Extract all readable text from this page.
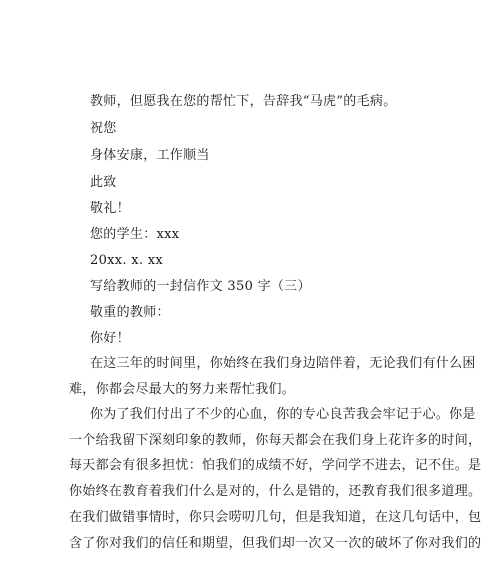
教师，但愿我在您的帮忙下，告辞我“马虎”的毛病。
祝您
身体安康，工作顺当
此致
敬礼！
您的学生：xxx
20xx. x. xx
写给教师的一封信作文 350 字（三）
敬重的教师：
你好！
在这三年的时间里，你始终在我们身边陪伴着，无论我们有什么困
难，你都会尽最大的努力来帮忙我们。
你为了我们付出了不少的心血，你的专心良苦我会牢记于心。你是
一个给我留下深刻印象的教师，你每天都会在我们身上花许多的时间，
每天都会有很多担忧：怕我们的成绩不好，学问学不进去，记不住。是
你始终在教育着我们什么是对的，什么是错的，还教育我们很多道理。
在我们做错事情时，你只会唠叨几句，但是我知道，在这几句话中，包
含了你对我们的信任和期望，但我们却一次又一次的破坏了你对我们的
